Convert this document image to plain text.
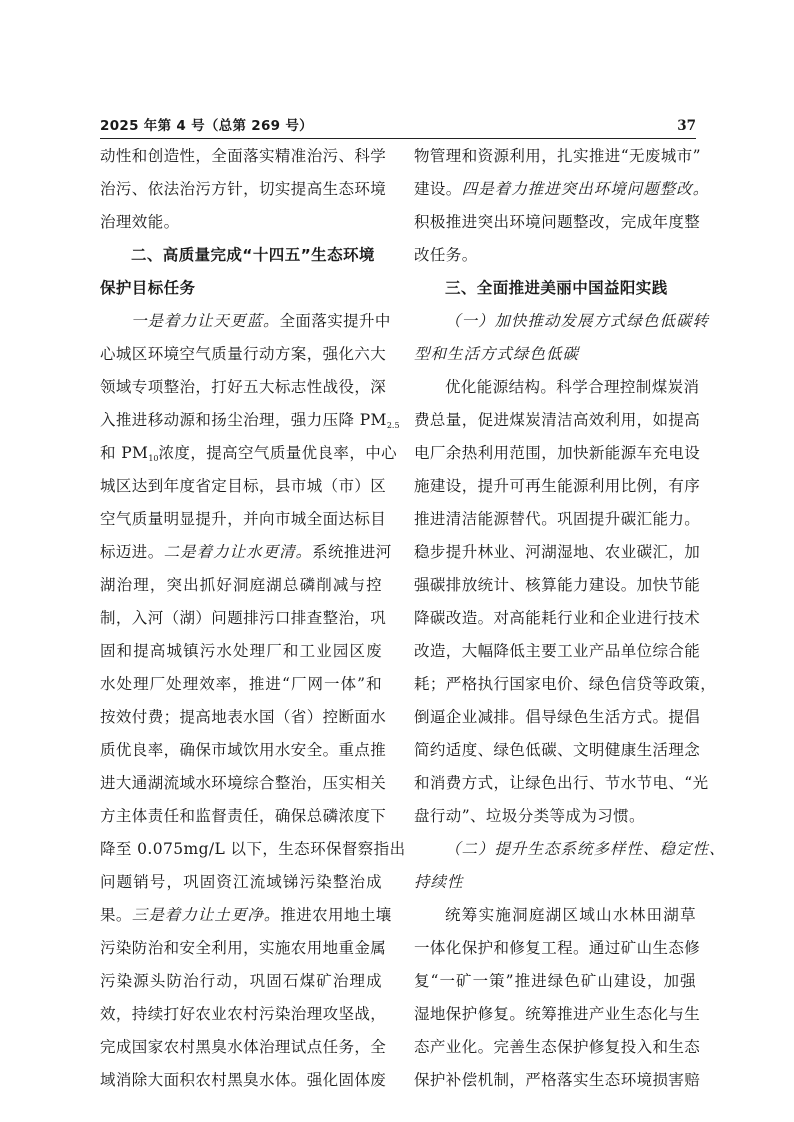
2025 年第 4 号（总第 269 号）	37
动性和创造性，全面落实精准治污、科学
治污、依法治污方针，切实提高生态环境
治理效能。
二、高质量完成“十四五”生态环境
保护目标任务
一是着力让天更蓝。全面落实提升中
心城区环境空气质量行动方案，强化六大
领域专项整治，打好五大标志性战役，深
入推进移动源和扬尘治理，强力压降 $PM_{2.5}$
和 $PM_{10}$浓度，提高空气质量优良率，中心
城区达到年度省定目标，县市城（市）区
空气质量明显提升，并向市城全面达标目
标迈进。二是着力让水更清。系统推进河
湖治理，突出抓好洞庭湖总磷削减与控
制，入河（湖）问题排污口排查整治，巩
固和提高城镇污水处理厂和工业园区废
水处理厂处理效率，推进“厂网一体”和
按效付费；提高地表水国（省）控断面水
质优良率，确保市域饮用水安全。重点推
进大通湖流域水环境综合整治，压实相关
方主体责任和监督责任，确保总磷浓度下
降至 0.075mg/L 以下，生态环保督察指出
问题销号，巩固资江流域锑污染整治成
果。三是着力让土更净。推进农用地土壤
污染防治和安全利用，实施农用地重金属
污染源头防治行动，巩固石煤矿治理成
效，持续打好农业农村污染治理攻坚战，
完成国家农村黑臭水体治理试点任务，全
域消除大面积农村黑臭水体。强化固体废
物管理和资源利用，扎实推进“无废城市”
建设。四是着力推进突出环境问题整改。
积极推进突出环境问题整改，完成年度整
改任务。
三、全面推进美丽中国益阳实践
（一）加快推动发展方式绿色低碳转
型和生活方式绿色低碳
优化能源结构。科学合理控制煤炭消
费总量，促进煤炭清洁高效利用，如提高
电厂余热利用范围，加快新能源车充电设
施建设，提升可再生能源利用比例，有序
推进清洁能源替代。巩固提升碳汇能力。
稳步提升林业、河湖湿地、农业碳汇，加
强碳排放统计、核算能力建设。加快节能
降碳改造。对高能耗行业和企业进行技术
改造，大幅降低主要工业产品单位综合能
耗；严格执行国家电价、绿色信贷等政策，
倒逼企业减排。倡导绿色生活方式。提倡
简约适度、绿色低碳、文明健康生活理念
和消费方式，让绿色出行、节水节电、“光
盘行动”、垃圾分类等成为习惯。
（二）提升生态系统多样性、稳定性、
持续性
统筹实施洞庭湖区域山水林田湖草
一体化保护和修复工程。通过矿山生态修
复“一矿一策”推进绿色矿山建设，加强
湿地保护修复。统筹推进产业生态化与生
态产业化。完善生态保护修复投入和生态
保护补偿机制，严格落实生态环境损害赔
